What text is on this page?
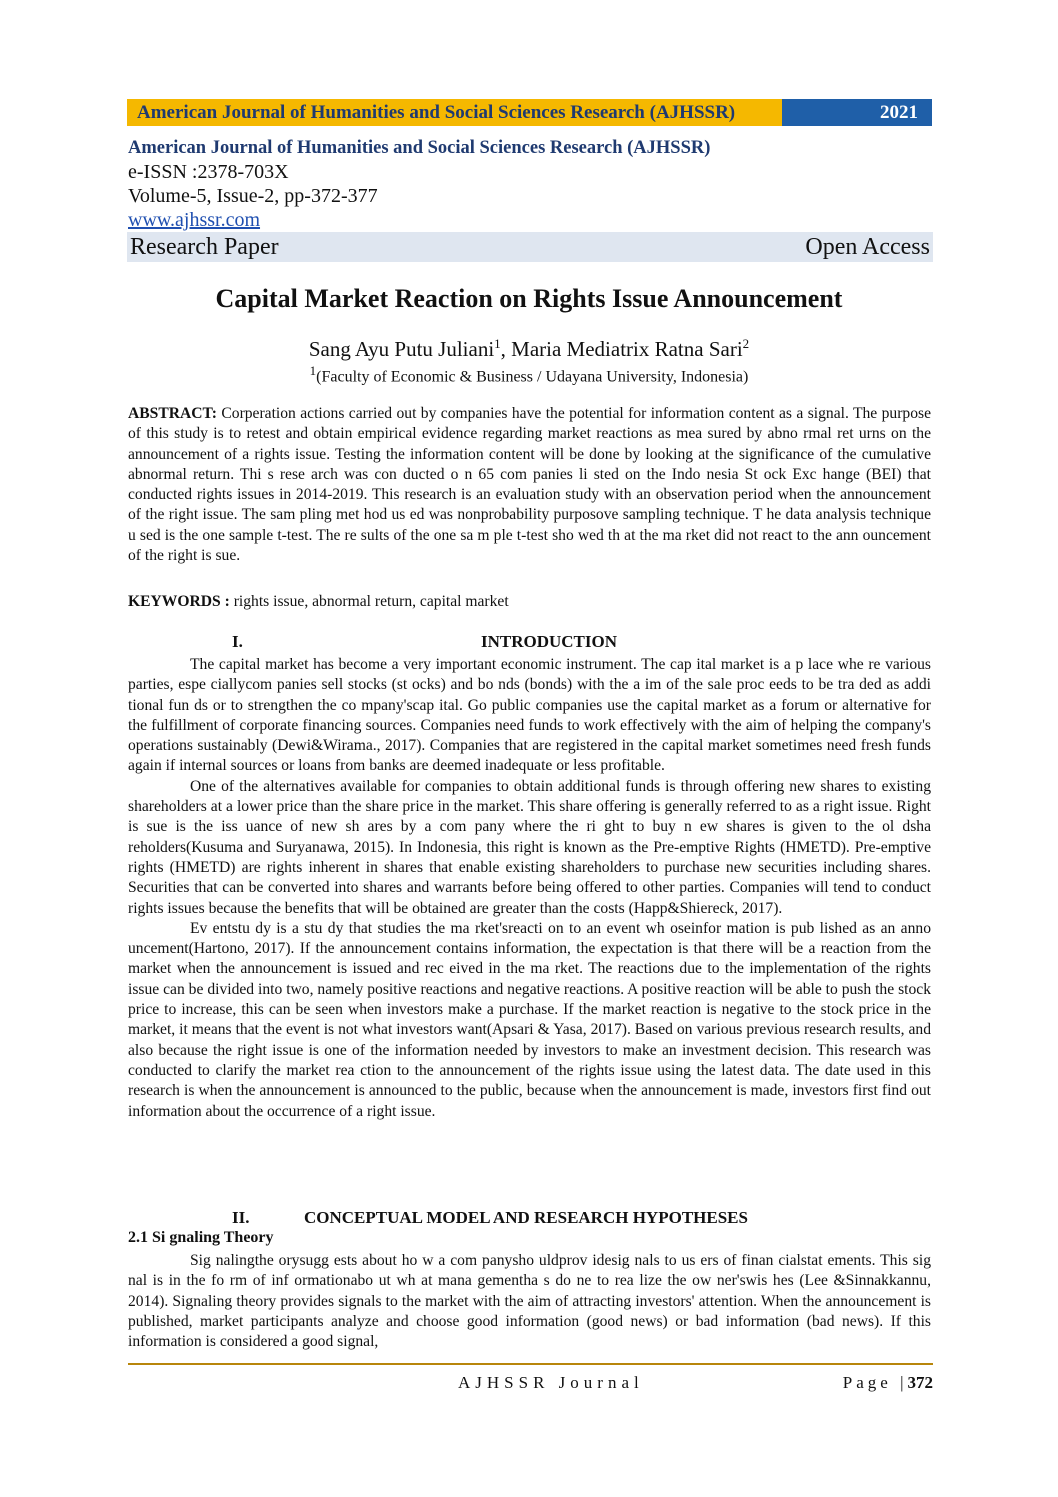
American Journal of Humanities and Social Sciences Research (AJHSSR)	2021
American Journal of Humanities and Social Sciences Research (AJHSSR)
e-ISSN :2378-703X
Volume-5, Issue-2, pp-372-377
www.ajhssr.com
Research Paper	Open Access
Capital Market Reaction on Rights Issue Announcement
Sang Ayu Putu Juliani$^1$, Maria Mediatrix Ratna Sari$^2$
$^1$(Faculty of Economic & Business / Udayana University, Indonesia)
ABSTRACT: Corperation actions carried out by companies have the potential for information content as a signal. The purpose of this study is to retest and obtain empirical evidence regarding market reactions as mea sured by abno rmal ret urns on the announcement of a rights issue. Testing the information content will be done by looking at the significance of the cumulative abnormal return. Thi s rese arch was con ducted o n 65 com panies li sted on the Indo nesia St ock Exc hange (BEI) that conducted rights issues in 2014-2019. This research is an evaluation study with an observation period when the announcement of the right issue. The sam pling met hod us ed was nonprobability purposove sampling technique. T he data analysis technique u sed is the one sample t-test. The re sults of the one sa m ple t-test sho wed th at the ma rket did not react to the ann ouncement of the right is sue.
KEYWORDS : rights issue, abnormal return, capital market
I.	INTRODUCTION

The capital market has become a very important economic instrument. The cap ital market is a p lace whe re various parties, espe ciallycom panies sell stocks (st ocks) and bo nds (bonds) with the a im of the sale proc eeds to be tra ded as addi tional fun ds or to strengthen the co mpany'scap ital. Go public companies use the capital market as a forum or alternative for the fulfillment of corporate financing sources. Companies need funds to work effectively with the aim of helping the company's operations sustainably (Dewi&Wirama., 2017). Companies that are registered in the capital market sometimes need fresh funds again if internal sources or loans from banks are deemed inadequate or less profitable.

One of the alternatives available for companies to obtain additional funds is through offering new shares to existing shareholders at a lower price than the share price in the market. This share offering is generally referred to as a right issue. Right is sue is the iss uance of new sh ares by a com pany where the ri ght to buy n ew shares is given to the ol dsha reholders(Kusuma and Suryanawa, 2015). In Indonesia, this right is known as the Pre-emptive Rights (HMETD). Pre-emptive rights (HMETD) are rights inherent in shares that enable existing shareholders to purchase new securities including shares. Securities that can be converted into shares and warrants before being offered to other parties. Companies will tend to conduct rights issues because the benefits that will be obtained are greater than the costs (Happ&Shiereck, 2017).

Ev entstu dy is a stu dy that studies the ma rket'sreacti on to an event wh oseinfor mation is pub lished as an anno uncement(Hartono, 2017). If the announcement contains information, the expectation is that there will be a reaction from the market when the announcement is issued and rec eived in the ma rket. The reactions due to the implementation of the rights issue can be divided into two, namely positive reactions and negative reactions. A positive reaction will be able to push the stock price to increase, this can be seen when investors make a purchase. If the market reaction is negative to the stock price in the market, it means that the event is not what investors want(Apsari & Yasa, 2017). Based on various previous research results, and also because the right issue is one of the information needed by investors to make an investment decision. This research was conducted to clarify the market rea ction to the announcement of the rights issue using the latest data. The date used in this research is when the announcement is announced to the public, because when the announcement is made, investors first find out information about the occurrence of a right issue.

II.	CONCEPTUAL MODEL AND RESEARCH HYPOTHESES
2.1 Si gnaling Theory

Sig nalingthe orysugg ests about ho w a com panysho uldprov idesig nals to us ers of finan cialstat ements. This sig nal is in the fo rm of inf ormationabo ut wh at mana gementha s do ne to rea lize the ow ner'swis hes (Lee &Sinnakkannu, 2014). Signaling theory provides signals to the market with the aim of attracting investors' attention. When the announcement is published, market participants analyze and choose good information (good news) or bad information (bad news). If this information is considered a good signal,

AJHSSR Journal	Page |372
